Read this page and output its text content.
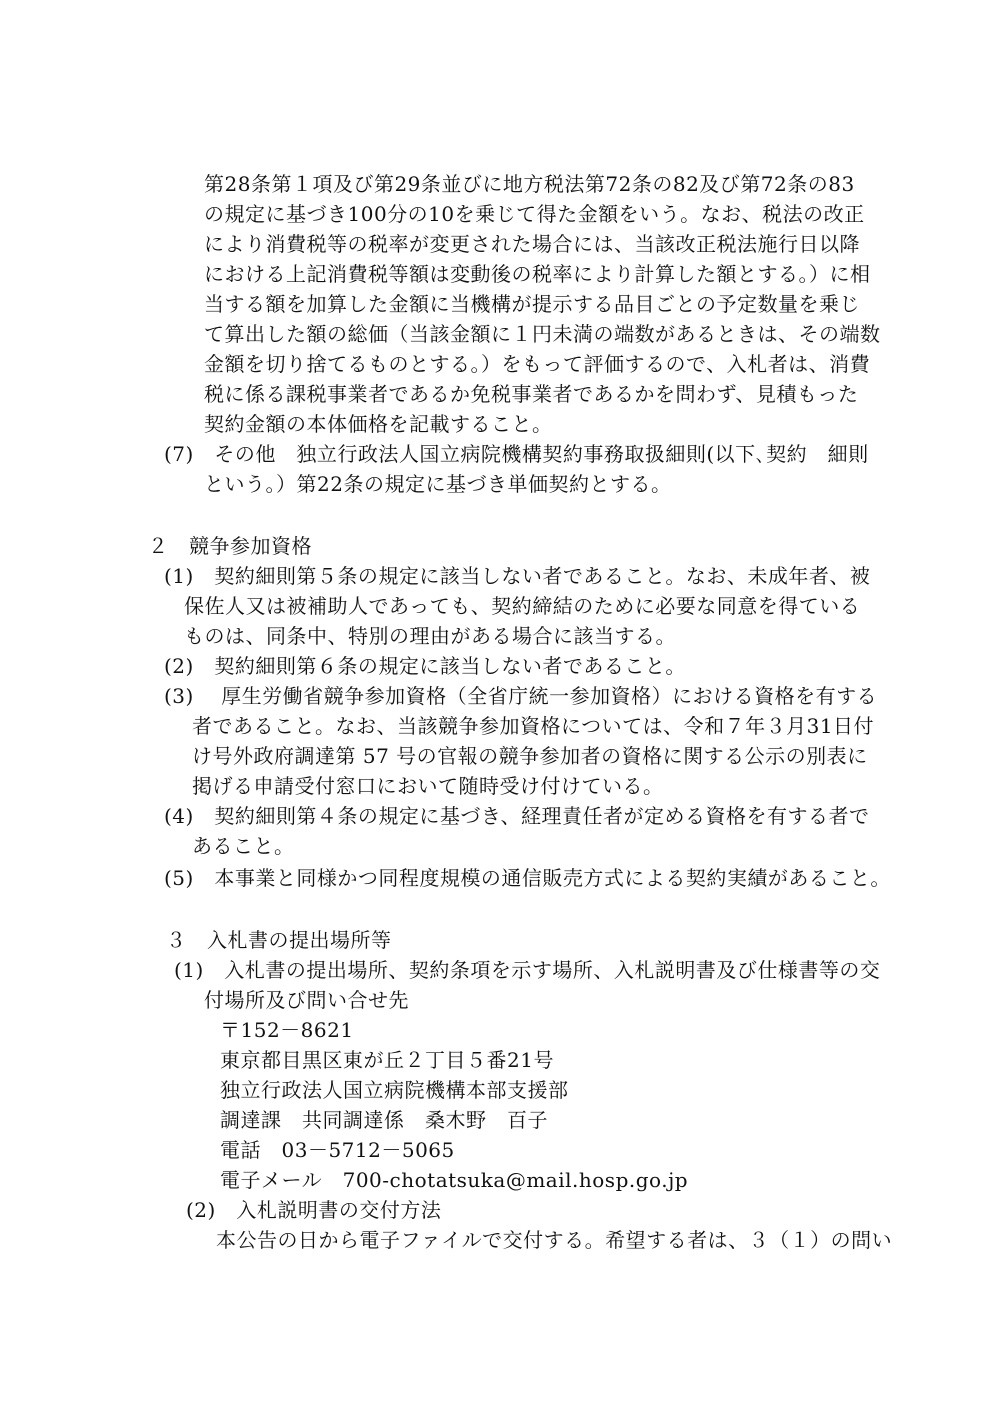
第28条第１項及び第29条並びに地方税法第72条の82及び第72条の83
の規定に基づき100分の10を乗じて得た金額をいう。なお、税法の改正
により消費税等の税率が変更された場合には、当該改正税法施行日以降
における上記消費税等額は変動後の税率により計算した額とする。）に相
当する額を加算した金額に当機構が提示する品目ごとの予定数量を乗じ
て算出した額の総価（当該金額に１円未満の端数があるときは、その端数
金額を切り捨てるものとする。）をもって評価するので、入札者は、消費
税に係る課税事業者であるか免税事業者であるかを問わず、見積もった
契約金額の本体価格を記載すること。
(7)　その他　独立行政法人国立病院機構契約事務取扱細則(以下､契約　細則
という。）第22条の規定に基づき単価契約とする。
２　競争参加資格
(1)　契約細則第５条の規定に該当しない者であること。なお、未成年者、被
保佐人又は被補助人であっても、契約締結のために必要な同意を得ている
ものは、同条中、特別の理由がある場合に該当する。
(2)　契約細則第６条の規定に該当しない者であること。
(3)　 厚生労働省競争参加資格（全省庁統一参加資格）における資格を有する
者であること。なお、当該競争参加資格については、令和７年３月31日付
け号外政府調達第 57 号の官報の競争参加者の資格に関する公示の別表に
掲げる申請受付窓口において随時受け付けている。
(4)　契約細則第４条の規定に基づき、経理責任者が定める資格を有する者で
あること。
(5)　本事業と同様かつ同程度規模の通信販売方式による契約実績があること。
３　入札書の提出場所等
(1)　入札書の提出場所、契約条項を示す場所、入札説明書及び仕様書等の交
付場所及び問い合せ先
〒152－8621
東京都目黒区東が丘２丁目５番21号
独立行政法人国立病院機構本部支援部
調達課　共同調達係　桑木野　百子
電話　03－5712－5065
電子メール　700-chotatsuka@mail.hosp.go.jp
(2)　入札説明書の交付方法
本公告の日から電子ファイルで交付する。希望する者は、３（１）の問い
